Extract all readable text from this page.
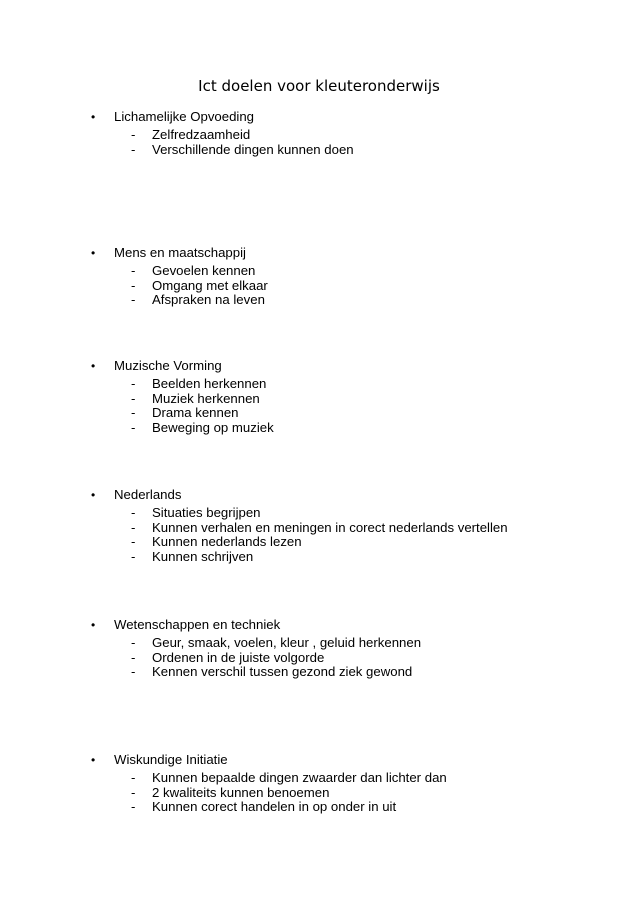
Ict doelen voor kleuteronderwijs
• Lichamelijke Opvoeding
- Zelfredzaamheid
- Verschillende dingen kunnen doen
• Mens en maatschappij
- Gevoelen kennen
- Omgang met elkaar
- Afspraken na leven
• Muzische Vorming
- Beelden herkennen
- Muziek herkennen
- Drama kennen
- Beweging op muziek
• Nederlands
- Situaties begrijpen
- Kunnen verhalen en meningen in corect nederlands vertellen
- Kunnen nederlands lezen
- Kunnen schrijven
• Wetenschappen en techniek
- Geur, smaak, voelen, kleur , geluid herkennen
- Ordenen in de juiste volgorde
- Kennen verschil tussen gezond ziek gewond
• Wiskundige Initiatie
- Kunnen bepaalde dingen zwaarder dan lichter dan
- 2 kwaliteits kunnen benoemen
- Kunnen corect handelen in op onder in uit
